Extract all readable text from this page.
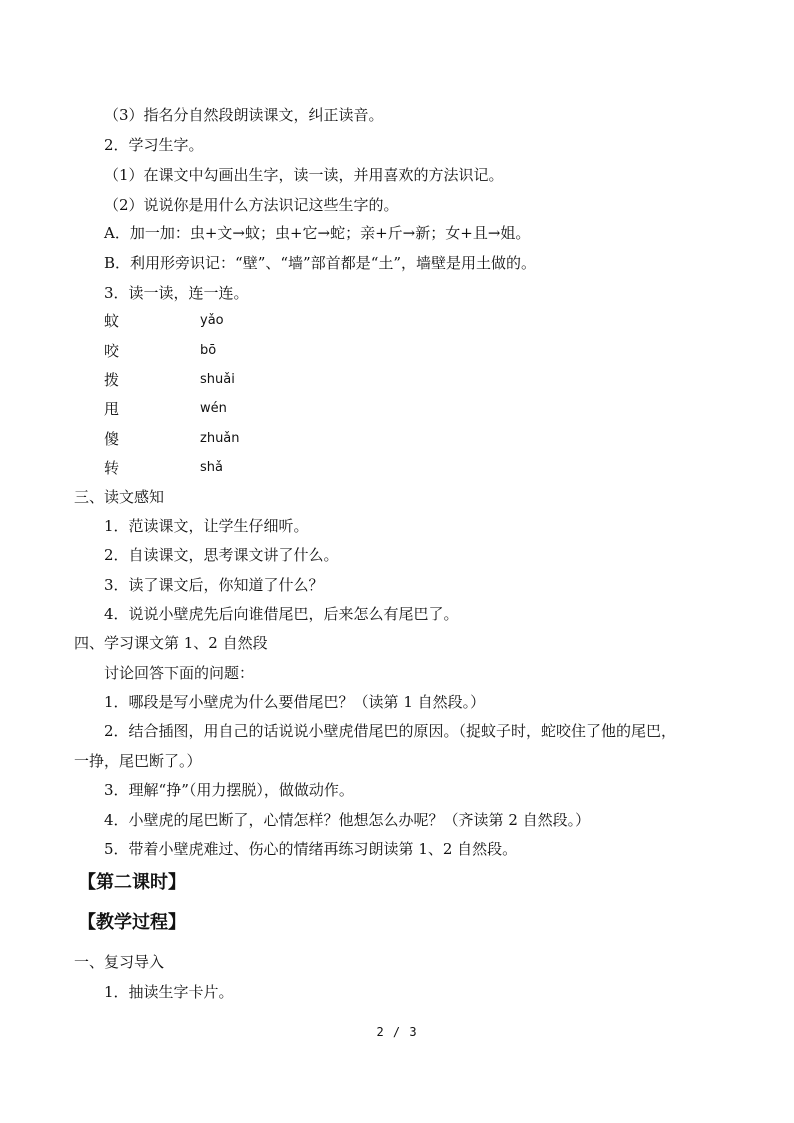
（3）指名分自然段朗读课文，纠正读音。
2．学习生字。
（1）在课文中勾画出生字，读一读，并用喜欢的方法识记。
（2）说说你是用什么方法识记这些生字的。
A．加一加：虫+文→蚊；虫+它→蛇；亲+斤→新；女+且→姐。
B．利用形旁识记：“壁”、“墙”部首都是“土”，墙壁是用土做的。
3．读一读，连一连。
蚊	yǎo
咬	bō
拨	shuǎi
甩	wén
傻	zhuǎn
转	shǎ
三、读文感知
1．范读课文，让学生仔细听。
2．自读课文，思考课文讲了什么。
3．读了课文后，你知道了什么？
4．说说小壁虎先后向谁借尾巴，后来怎么有尾巴了。
四、学习课文第 1、2 自然段
讨论回答下面的问题：
1．哪段是写小壁虎为什么要借尾巴？（读第 1 自然段。）
2．结合插图，用自己的话说说小壁虎借尾巴的原因。（捉蚊子时，蛇咬住了他的尾巴，
一挣，尾巴断了。）
3．理解“挣”（用力摆脱），做做动作。
4．小壁虎的尾巴断了，心情怎样？他想怎么办呢？（齐读第 2 自然段。）
5．带着小壁虎难过、伤心的情绪再练习朗读第 1、2 自然段。
【第二课时】
【教学过程】
一、复习导入
1．抽读生字卡片。
2 / 3
